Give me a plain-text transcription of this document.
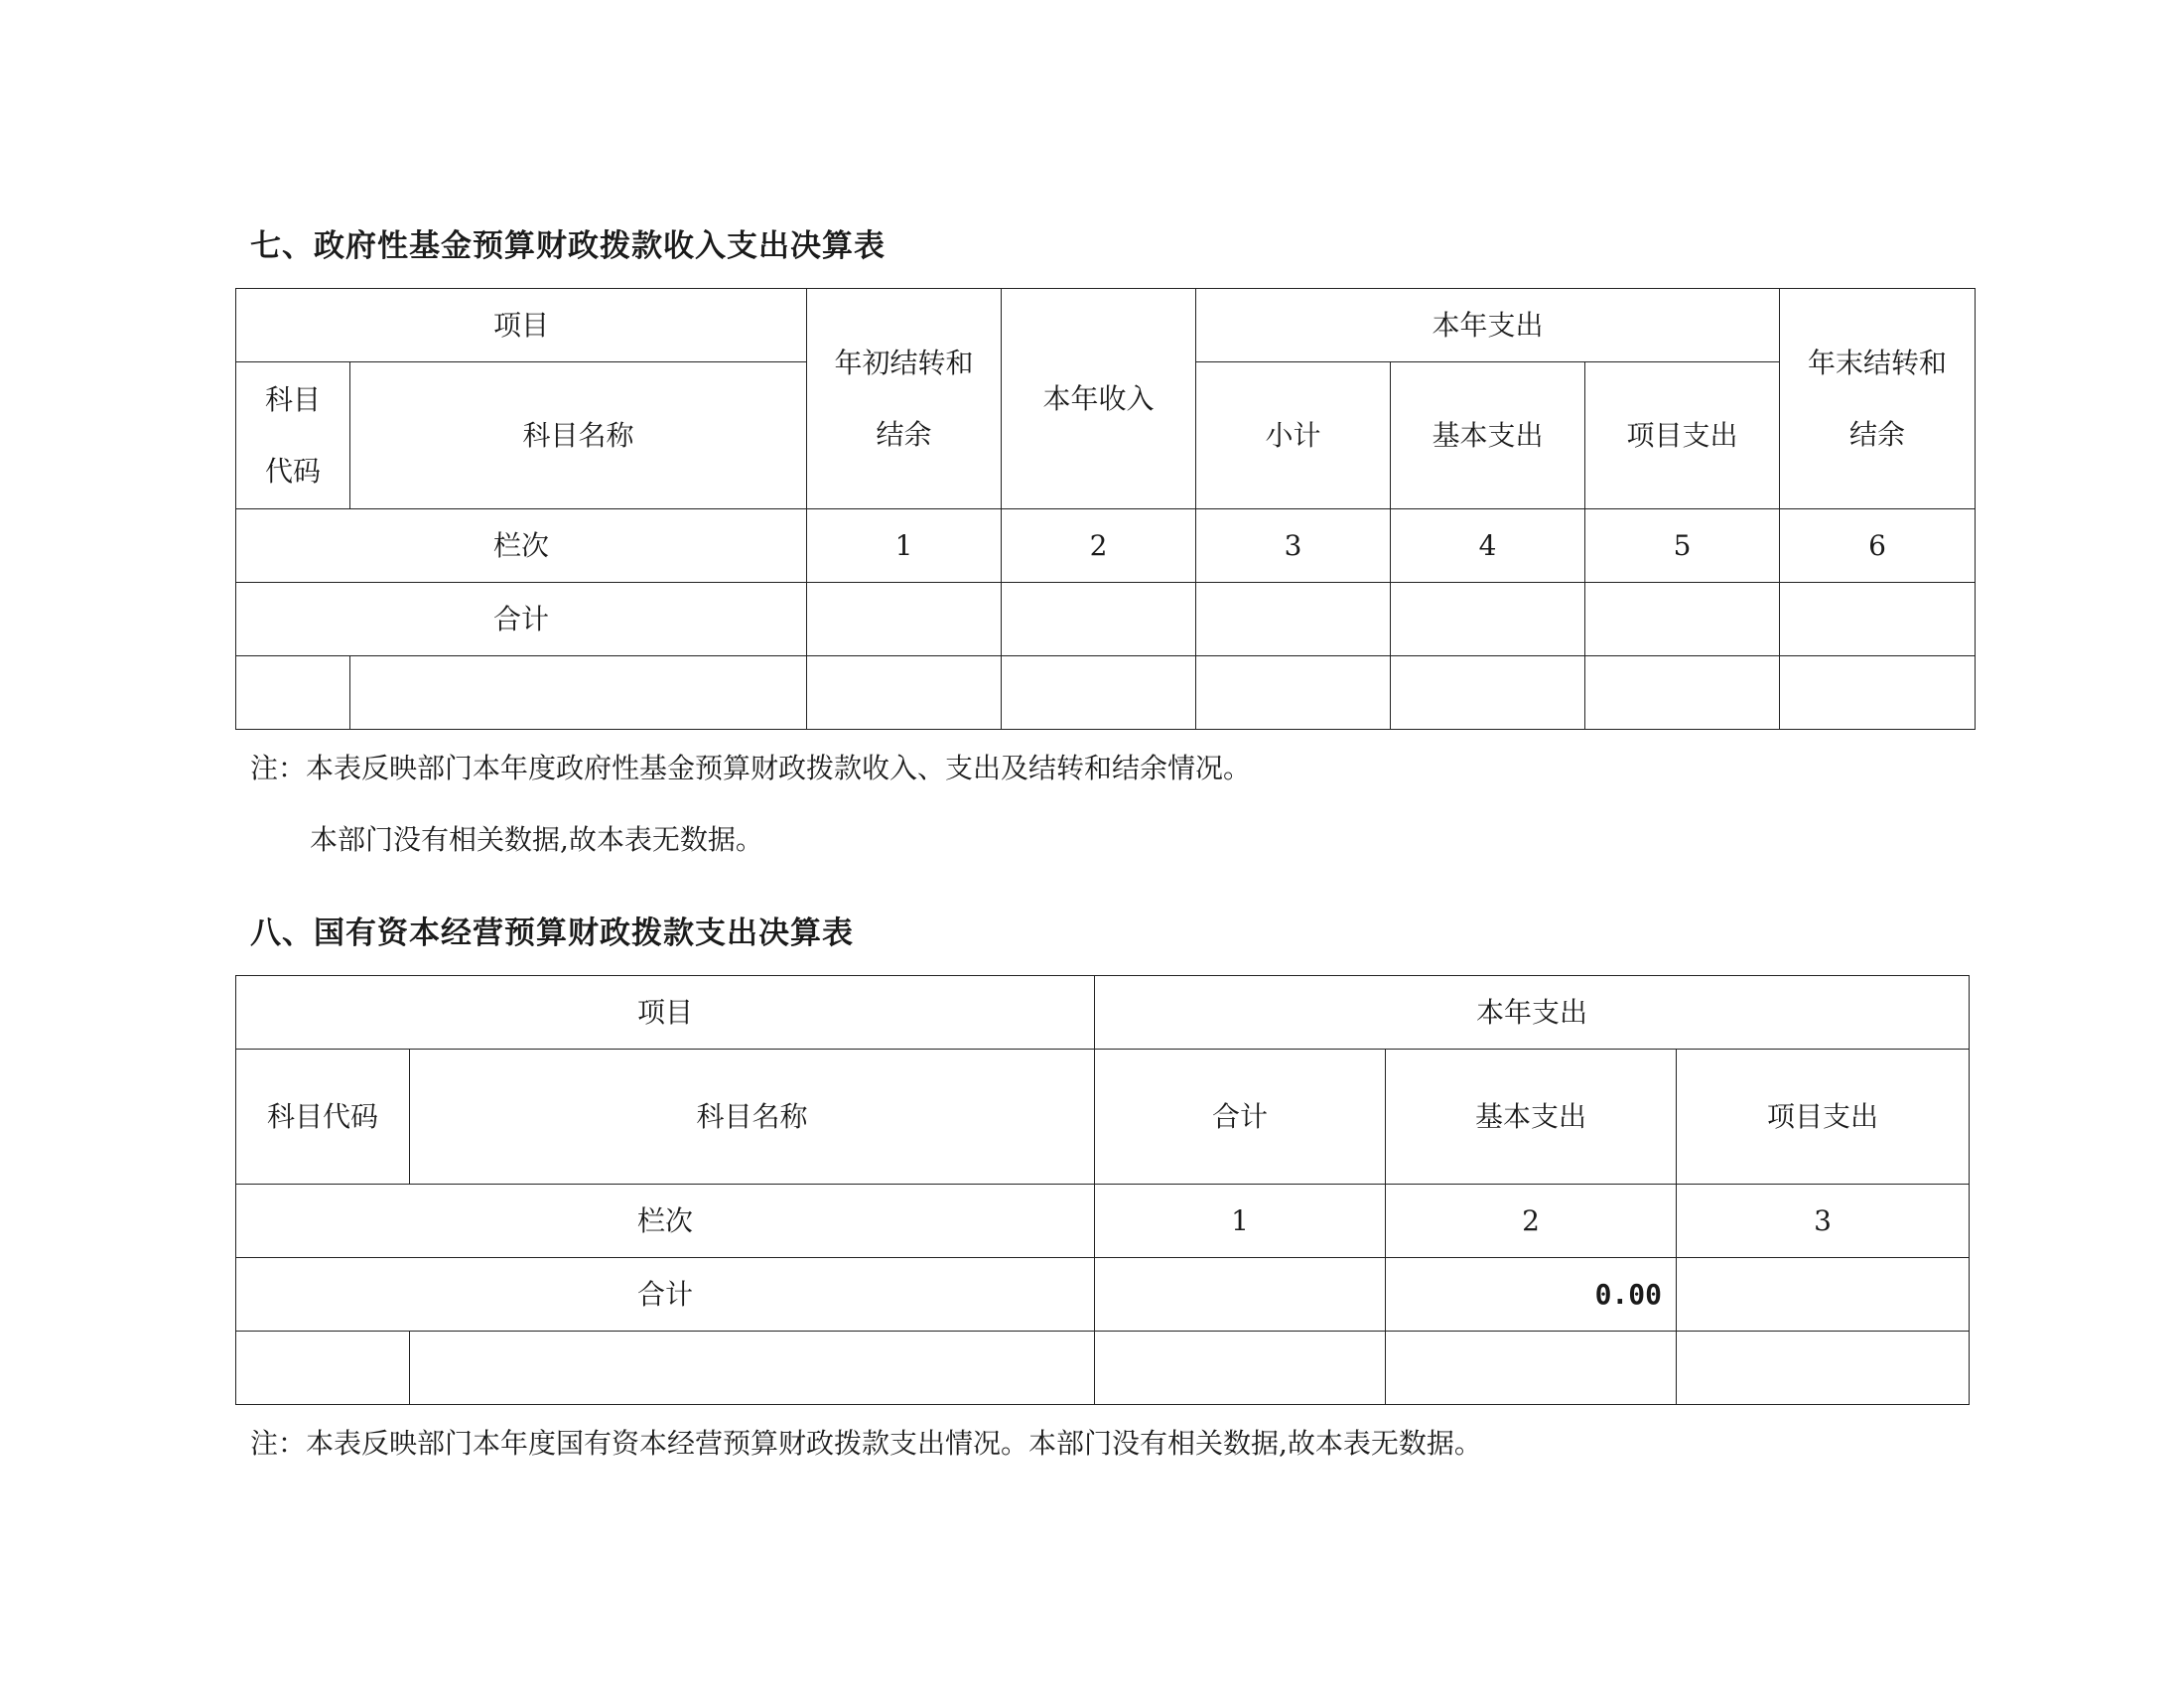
七、政府性基金预算财政拨款收入支出决算表
项目		年初结转和结余	本年收入	本年支出			年末结转和结余
科目代码	科目名称			小计	基本支出	项目支出	
栏次		1	2	3	4	5	6
合计							

注：本表反映部门本年度政府性基金预算财政拨款收入、支出及结转和结余情况。

本部门没有相关数据,故本表无数据。

八、国有资本经营预算财政拨款支出决算表
项目		本年支出		
科目代码	科目名称	合计	基本支出	项目支出
栏次		1	2	3
合计			0.00	

注：本表反映部门本年度国有资本经营预算财政拨款支出情况。本部门没有相关数据,故本表无数据。
